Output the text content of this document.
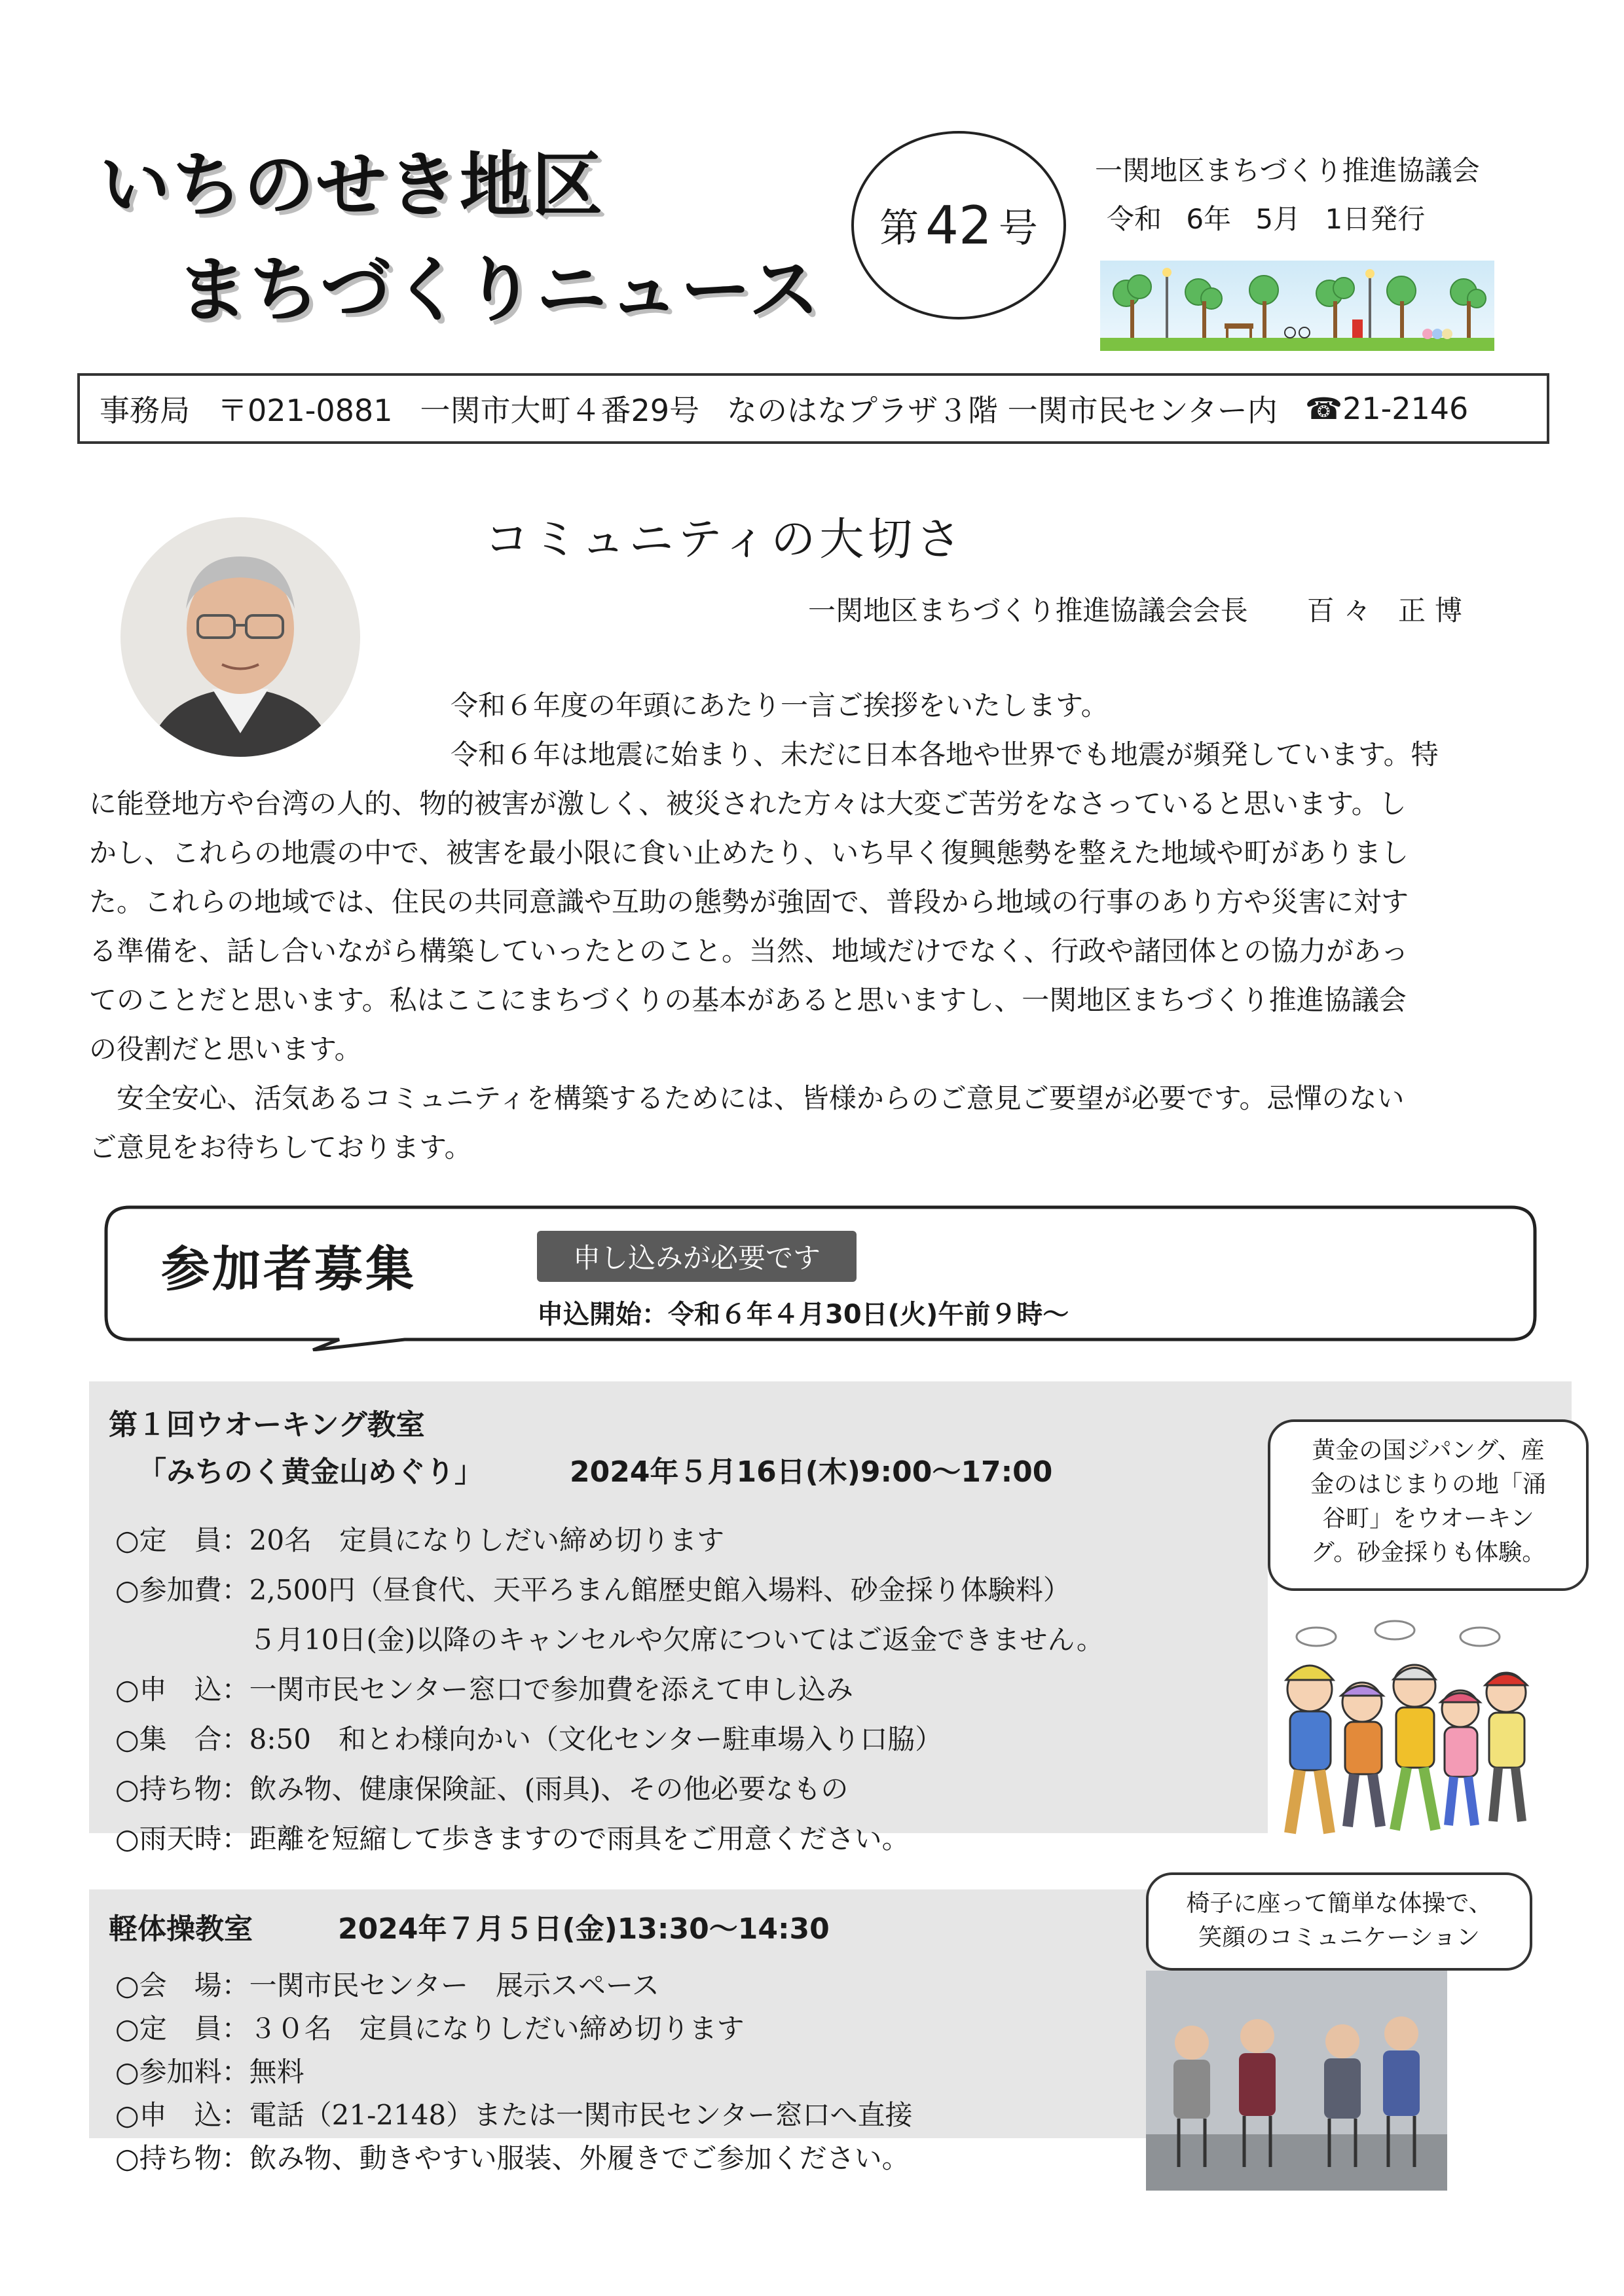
いちのせき地区
まちづくりニュース
第 42 号
一関地区まちづくり推進協議会
令和 6年 5月 1日発行
事務局 〒021-0881 一関市大町４番29号 なのはなプラザ３階 一関市民センター内 ☎21-2146
コミュニティの大切さ
一関地区まちづくり推進協議会会長 百々 正博
令和６年度の年頭にあたり一言ご挨拶をいたします。
令和６年は地震に始まり、未だに日本各地や世界でも地震が頻発しています。特
に能登地方や台湾の人的、物的被害が激しく、被災された方々は大変ご苦労をなさっていると思います。し
かし、これらの地震の中で、被害を最小限に食い止めたり、いち早く復興態勢を整えた地域や町がありまし
た。これらの地域では、住民の共同意識や互助の態勢が強固で、普段から地域の行事のあり方や災害に対す
る準備を、話し合いながら構築していったとのこと。当然、地域だけでなく、行政や諸団体との協力があっ
てのことだと思います。私はここにまちづくりの基本があると思いますし、一関地区まちづくり推進協議会
の役割だと思います。
安全安心、活気あるコミュニティを構築するためには、皆様からのご意見ご要望が必要です。忌憚のない
ご意見をお待ちしております。
参加者募集	申し込みが必要です
申込開始：令和６年４月30日(火)午前９時～
第１回ウオーキング教室
「みちのく黄金山めぐり」	2024年５月16日(木)9:00～17:00
○定　員：20名　定員になりしだい締め切ります
○参加費：2,500円（昼食代、天平ろまん館歴史館入場料、砂金採り体験料）
５月10日(金)以降のキャンセルや欠席についてはご返金できません。
○申　込：一関市民センター窓口で参加費を添えて申し込み
○集　合：8:50　和とわ様向かい（文化センター駐車場入り口脇）
○持ち物：飲み物、健康保険証、(雨具)、その他必要なもの
○雨天時：距離を短縮して歩きますので雨具をご用意ください。
黄金の国ジパング、産
金のはじまりの地「涌
谷町」をウオーキン
グ。砂金採りも体験。
軽体操教室	2024年７月５日(金)13:30～14:30
○会　場：一関市民センター　展示スペース
○定　員：３０名　定員になりしだい締め切ります
○参加料：無料
○申　込：電話（21-2148）または一関市民センター窓口へ直接
○持ち物：飲み物、動きやすい服装、外履きでご参加ください。
椅子に座って簡単な体操で、
笑顔のコミュニケーション
